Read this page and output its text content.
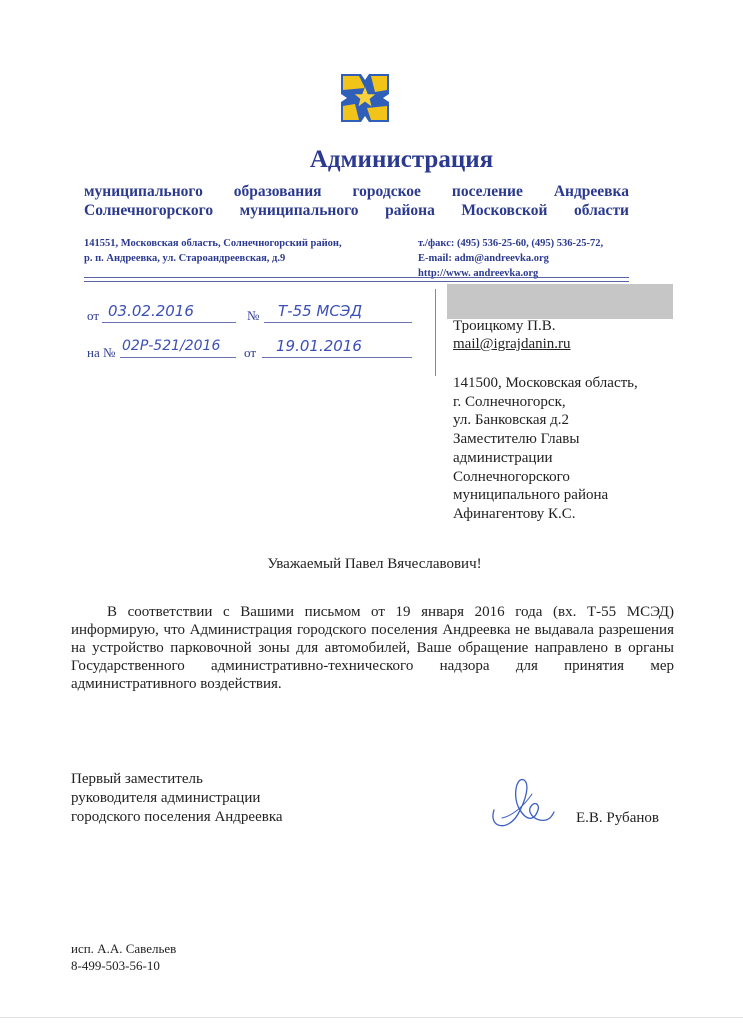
Администрация
муниципального образования городское поселение Андреевка
Солнечногорского муниципального района Московской области
141551, Московская область, Солнечногорский район,
р. п. Андреевка, ул. Староандреевская, д.9
т./факс: (495) 536-25-60, (495) 536-25-72,
E-mail: adm@andreevka.org
http://www. andreevka.org
от 03.02.2016	№	Т-55 МСЭД
на № 02Р-521/2016	от	19.01.2016
Троицкому П.В.
mail@igrajdanin.ru
141500, Московская область,
г. Солнечногорск,
ул. Банковская д.2
Заместителю Главы
администрации
Солнечногорского
муниципального района
Афинагентову К.С.
Уважаемый Павел Вячеславович!
В соответствии с Вашими письмом от 19 января 2016 года (вх. Т-55 МСЭД) информирую, что Администрация городского поселения Андреевка не выдавала разрешения на устройство парковочной зоны для автомобилей, Ваше обращение направлено в органы Государственного административно-технического надзора для принятия мер административного воздействия.
Первый заместитель
руководителя администрации
городского поселения Андреевка	Е.В. Рубанов
исп. А.А. Савельев
8-499-503-56-10
